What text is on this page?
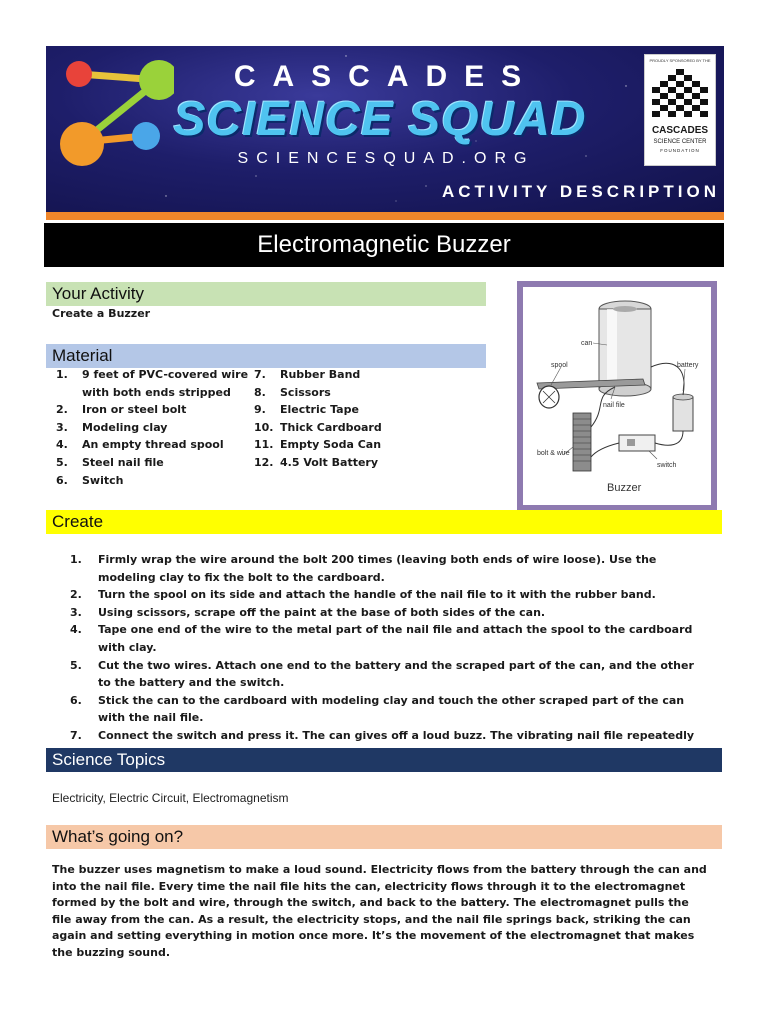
CASCADES
SCIENCE SQUAD
SCIENCESQUAD.ORG
ACTIVITY DESCRIPTION
PROUDLY SPONSORED BY THE
CASCADES
SCIENCE CENTER
FOUNDATION
Electromagnetic Buzzer
Your Activity
Create a Buzzer
Material
1. 9 feet of PVC-covered wire with both ends stripped
2. Iron or steel bolt
3. Modeling clay
4. An empty thread spool
5. Steel nail file
6. Switch
7. Rubber Band
8. Scissors
9. Electric Tape
10. Thick Cardboard
11. Empty Soda Can
12. 4.5 Volt Battery
can
spool	battery
nail file
bolt & wire
switch
Buzzer
Create
1. Firmly wrap the wire around the bolt 200 times (leaving both ends of wire loose). Use the modeling clay to fix the bolt to the cardboard.
2. Turn the spool on its side and attach the handle of the nail file to it with the rubber band.
3. Using scissors, scrape off the paint at the base of both sides of the can.
4. Tape one end of the wire to the metal part of the nail file and attach the spool to the cardboard with clay.
5. Cut the two wires. Attach one end to the battery and the scraped part of the can, and the other to the battery and the switch.
6. Stick the can to the cardboard with modeling clay and touch the other scraped part of the can with the nail file.
7. Connect the switch and press it. The can gives off a loud buzz. The vibrating nail file repeatedly
Science Topics
Electricity, Electric Circuit, Electromagnetism
What’s going on?

The buzzer uses magnetism to make a loud sound. Electricity flows from the battery through the can and into the nail file. Every time the nail file hits the can, electricity flows through it to the electromagnet formed by the bolt and wire, through the switch, and back to the battery. The electromagnet pulls the file away from the can. As a result, the electricity stops, and the nail file springs back, striking the can again and setting everything in motion once more. It’s the movement of the electromagnet that makes the buzzing sound.
